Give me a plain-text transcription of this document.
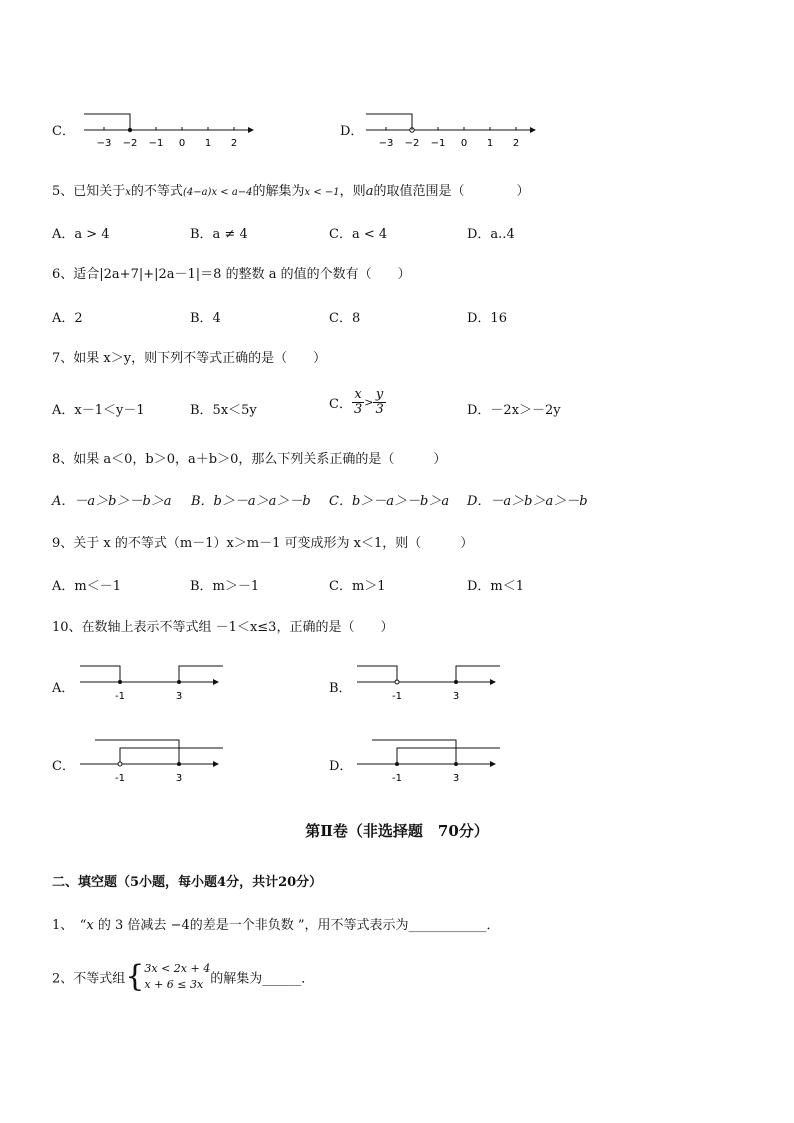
C．
−3 −2 −1 0 1 2
D．
−3 −2 −1 0 1 2
5、已知关于x的不等式(4−a)x < a−4的解集为x < −1，则a的取值范围是（　　　　）
A．a > 4	B．a ≠ 4	C．a < 4	D．a..4
6、适合|2a+7|+|2a－1|＝8 的整数 a 的值的个数有（　　）
A．2	B．4	C．8	D．16
7、如果 x＞y，则下列不等式正确的是（　　）
A．x－1＜y－1	B．5x＜5y	C． $\frac{x}{3} > \frac{y}{3}$	D．－2x＞－2y
8、如果 a＜0，b＞0，a＋b＞0，那么下列关系正确的是（　　　）
A．－a＞b＞－b＞a B．b＞－a＞a＞－b C．b＞－a＞－b＞a D．－a＞b＞a＞－b
9、关于 x 的不等式（m－1）x＞m－1 可变成形为 x＜1，则（　　　）
A．m＜－1	B．m＞－1	C．m＞1	D．m＜1
10、在数轴上表示不等式组 －1＜x≤3，正确的是（　　）
A．
-1	3
B．
-1	3
C．
-1	3
D．
-1	3
第Ⅱ卷（非选择题　70分）
二、填空题（5小题，每小题4分，共计20分）
1、　“x 的 3 倍减去 −4的差是一个非负数 ”，用不等式表示为____________．
2、不等式组{ 3x < 2x + 4
x + 6 ≤ 3x 的解集为______．
